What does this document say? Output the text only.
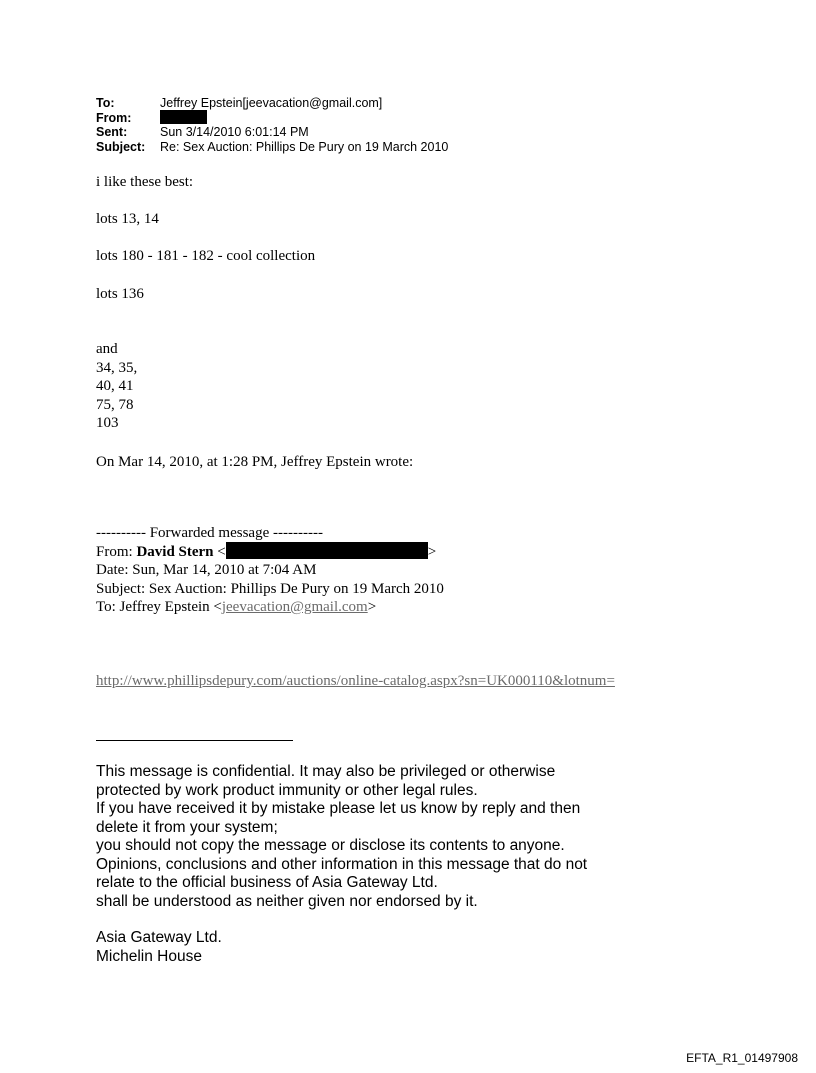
To:	Jeffrey Epstein[jeevacation@gmail.com]
From:
Sent:	Sun 3/14/2010 6:01:14 PM
Subject:	Re: Sex Auction: Phillips De Pury on 19 March 2010
i like these best:
lots 13, 14
lots 180 - 181 - 182 - cool collection
lots 136
and
34, 35,
40, 41
75, 78
103
On Mar 14, 2010, at 1:28 PM, Jeffrey Epstein wrote:
---------- Forwarded message ----------
From: David Stern <	>
Date: Sun, Mar 14, 2010 at 7:04 AM
Subject: Sex Auction: Phillips De Pury on 19 March 2010
To: Jeffrey Epstein <jeevacation@gmail.com>
http://www.phillipsdepury.com/auctions/online-catalog.aspx?sn=UK000110&lotnum=
This message is confidential. It may also be privileged or otherwise
protected by work product immunity or other legal rules.
If you have received it by mistake please let us know by reply and then
delete it from your system;
you should not copy the message or disclose its contents to anyone.
Opinions, conclusions and other information in this message that do not
relate to the official business of Asia Gateway Ltd.
shall be understood as neither given nor endorsed by it.
Asia Gateway Ltd.
Michelin House
EFTA_R1_01497908
